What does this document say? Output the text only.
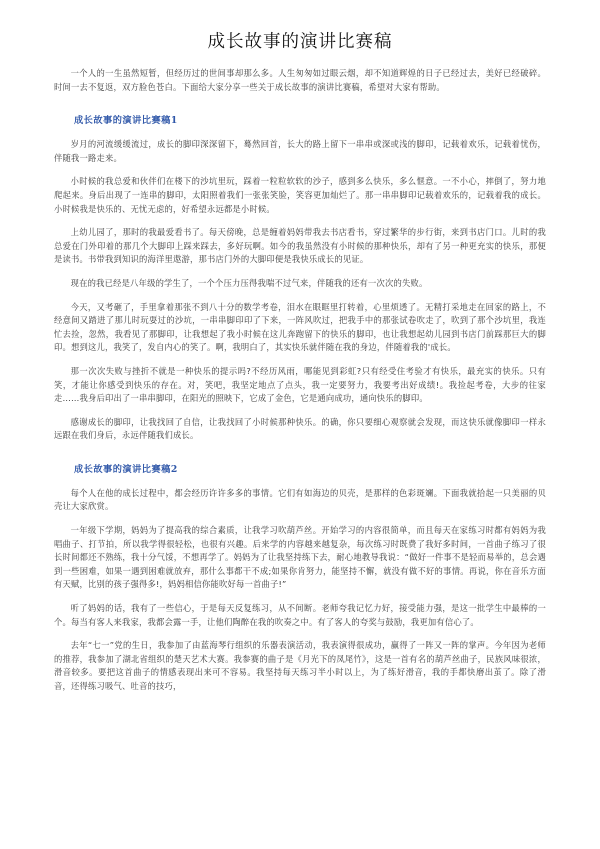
成长故事的演讲比赛稿

一个人的一生虽然短暂，但经历过的世间事却那么多。人生匆匆如过眼云烟，却不知道辉煌的日子已经过去，美好已经破碎。时间一去不复返，双方脸色苍白。下面给大家分享一些关于成长故事的演讲比赛稿，希望对大家有帮助。

成长故事的演讲比赛稿1

岁月的河流缓缓流过，成长的脚印深深留下，蓦然回首，长大的路上留下一串串或深或浅的脚印，记载着欢乐，记载着忧伤，伴随我一路走来。

小时候的我总爱和伙伴们在楼下的沙坑里玩，踩着一粒粒软软的沙子，感到多么快乐，多么惬意。一不小心，摔倒了，努力地爬起来。身后出现了一连串的脚印，太阳照着我们一张张笑脸，笑容更加灿烂了。那一串串脚印记载着欢乐的，记载着我的成长。小时候我是快乐的、无忧无虑的，好希望永远都是小时候。

上幼儿园了，那时的我最爱看书了。每天傍晚，总是缠着妈妈带我去书店看书，穿过繁华的步行街，来到书店门口。儿时的我总爱在门外印着的那几个大脚印上踩来踩去，多好玩啊。如今的我虽然没有小时候的那种快乐，却有了另一种更充实的快乐，那便是读书。书带我到知识的海洋里遨游，那书店门外的大脚印便是我快乐成长的见证。

现在的我已经是八年级的学生了，一个个压力压得我喘不过气来，伴随我的还有一次次的失败。

今天，又考砸了，手里拿着那张不到八十分的数学考卷，泪水在眼眶里打转着，心里烦透了。无精打采地走在回家的路上，不经意间又踏进了那儿时玩耍过的沙坑，一串串脚印印了下来，一阵风吹过，把我手中的那张试卷吹走了，吹到了那个沙坑里，我连忙去捡，忽然，我看见了那脚印，让我想起了我小时候在这儿奔跑留下的快乐的脚印，也让我想起幼儿园到书店门前踩那巨大的脚印。想到这儿，我笑了，发自内心的笑了。啊，我明白了，其实快乐就伴随在我的身边，伴随着我的'成长。

那一次次失败与挫折不就是一种快乐的提示吗?不经历风雨，哪能见到彩虹?只有经受住考验才有快乐，最充实的快乐。只有笑，才能让你感受到快乐的存在。对，笑吧，我坚定地点了点头，我一定要努力，我要考出好成绩!。我捡起考卷，大步的往家走……我身后印出了一串串脚印，在阳光的照映下，它成了金色，它是通向成功，通向快乐的脚印。

感谢成长的脚印，让我找回了自信，让我找回了小时候那种快乐。的确，你只要细心观察就会发现，而这快乐就像脚印一样永远跟在我们身后，永远伴随我们成长。

成长故事的演讲比赛稿2

每个人在他的成长过程中，都会经历许许多多的事情。它们有如海边的贝壳，是那样的色彩斑斓。下面我就拾起一只美丽的贝壳让大家欣赏。

一年级下学期，妈妈为了提高我的综合素质，让我学习吹葫芦丝。开始学习的内容很简单，而且每天在家练习时都有妈妈为我唱曲子、打节拍，所以我学得很轻松，也很有兴趣。后来学的内容越来越复杂，每次练习时既费了我好多时间，一首曲子练习了很长时间都还不熟练，我十分气馁，不想再学了。妈妈为了让我坚持练下去，耐心地教导我说：“做好一件事不是轻而易举的，总会遇到一些困难，如果一遇到困难就放弃，那什么事都干不成;如果你肯努力，能坚持不懈，就没有做不好的事情。再说，你在音乐方面有天赋，比别的孩子强得多!，妈妈相信你能吹好每一首曲子!”

听了妈妈的话，我有了一些信心，于是每天反复练习，从不间断。老师夸我记忆力好，接受能力强，是这一批学生中最棒的一个。每当有客人来我家，我都会露一手，让他们陶醉在我的吹奏之中。有了客人的夸奖与鼓励，我更加有信心了。

去年“七一”党的生日，我参加了由蓝海琴行组织的乐器表演活动，我表演得很成功，赢得了一阵又一阵的掌声。今年因为老师的推荐，我参加了湖北省组织的楚天艺术大赛。我参赛的曲子是《月光下的凤尾竹》，这是一首有名的葫芦丝曲子，民族风味很浓，滑音较多。要把这首曲子的情感表现出来可不容易。我坚持每天练习半小时以上，为了练好滑音，我的手都快磨出茧了。除了滑音，还得练习吸气、吐音的技巧，
